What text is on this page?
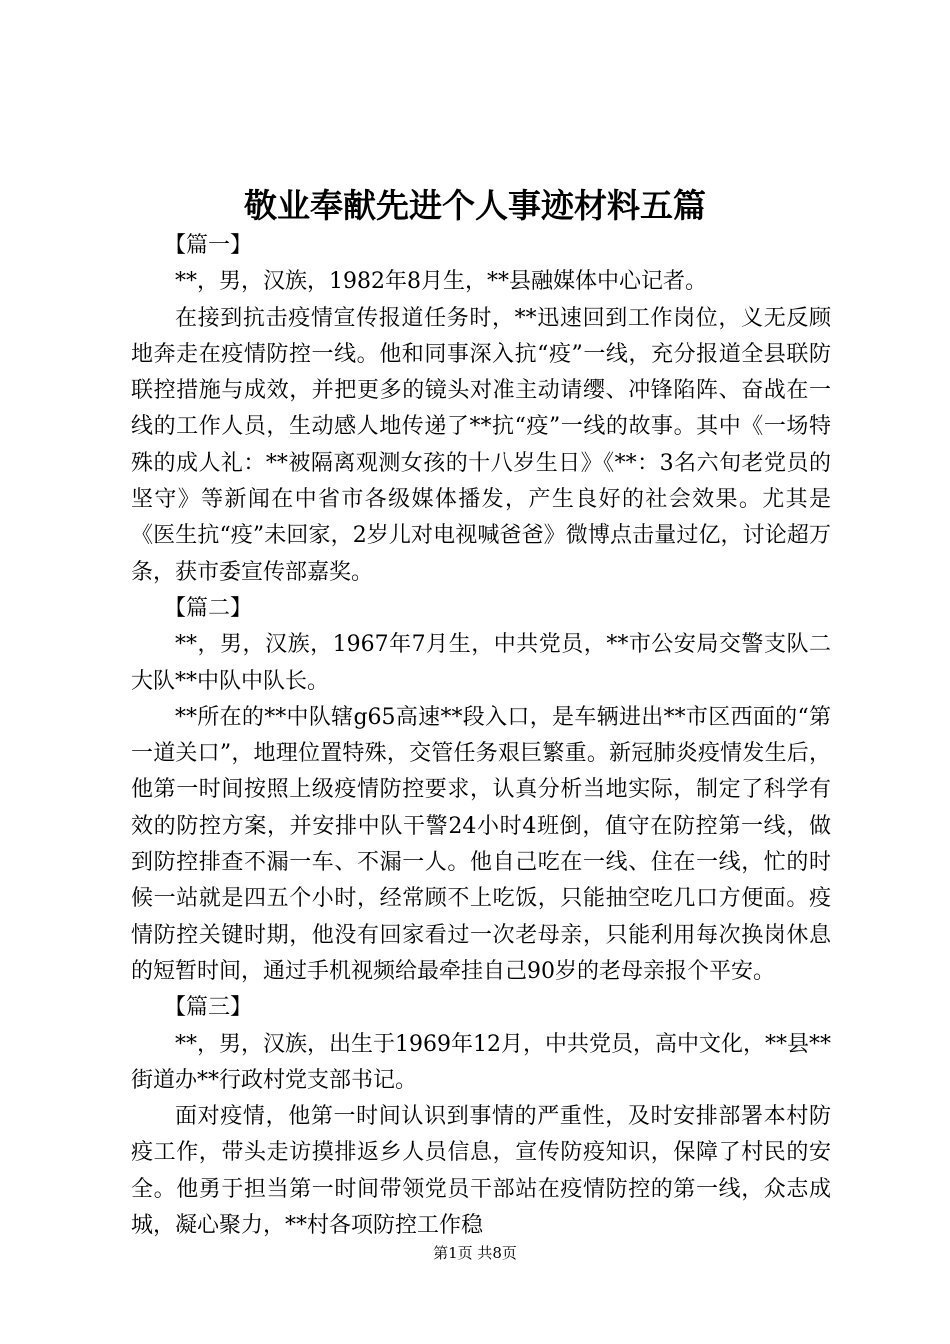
敬业奉献先进个人事迹材料五篇

【篇一】

**，男，汉族，1982年8月生，**县融媒体中心记者。

在接到抗击疫情宣传报道任务时，**迅速回到工作岗位，义无反顾地奔走在疫情防控一线。他和同事深入抗“疫”一线，充分报道全县联防联控措施与成效，并把更多的镜头对准主动请缨、冲锋陷阵、奋战在一线的工作人员，生动感人地传递了**抗“疫”一线的故事。其中《一场特殊的成人礼：**被隔离观测女孩的十八岁生日》《**：3名六旬老党员的坚守》等新闻在中省市各级媒体播发，产生良好的社会效果。尤其是《医生抗“疫”未回家，2岁儿对电视喊爸爸》微博点击量过亿，讨论超万条，获市委宣传部嘉奖。

【篇二】

**，男，汉族，1967年7月生，中共党员，**市公安局交警支队二大队**中队中队长。

**所在的**中队辖g65高速**段入口，是车辆进出**市区西面的“第一道关口”，地理位置特殊，交管任务艰巨繁重。新冠肺炎疫情发生后，他第一时间按照上级疫情防控要求，认真分析当地实际，制定了科学有效的防控方案，并安排中队干警24小时4班倒，值守在防控第一线，做到防控排查不漏一车、不漏一人。他自己吃在一线、住在一线，忙的时候一站就是四五个小时，经常顾不上吃饭，只能抽空吃几口方便面。疫情防控关键时期，他没有回家看过一次老母亲，只能利用每次换岗休息的短暂时间，通过手机视频给最牵挂自己90岁的老母亲报个平安。

【篇三】

**，男，汉族，出生于1969年12月，中共党员，高中文化，**县**街道办**行政村党支部书记。

面对疫情，他第一时间认识到事情的严重性，及时安排部署本村防疫工作，带头走访摸排返乡人员信息，宣传防疫知识，保障了村民的安全。他勇于担当第一时间带领党员干部站在疫情防控的第一线，众志成城，凝心聚力，**村各项防控工作稳

第1页 共8页
